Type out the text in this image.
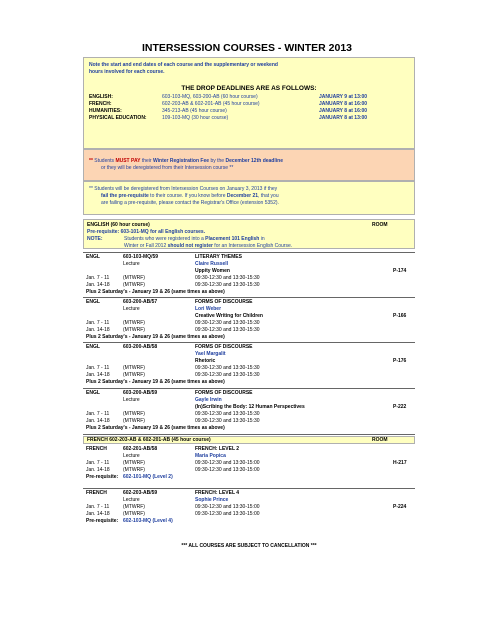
INTERSESSION COURSES - WINTER 2013
Note the start and end dates of each course and the supplementary or weekend
hours involved for each course.
THE DROP DEADLINES ARE AS FOLLOWS:
ENGLISH:	603-103-MQ, 603-200-AB (60 hour course)	JANUARY 9 at 13:00
FRENCH:	602-203-AB & 602-201-AB (45 hour course)	JANUARY 8 at 16:00
HUMANITIES:	345-213-AB (45 hour course)	JANUARY 8 at 16:00
PHYSICAL EDUCATION:	109-103-MQ (30 hour course)	JANUARY 8 at 13:00
** Students MUST PAY their Winter Registration Fee by the December 12th deadline
or they will be deregistered from their Intersession course **
** Students will be deregistered from Intersession Courses on January 3, 2013 if they
fail the pre-requisite to their course. If you know before December 21, that you
are failing a pre-requisite, please contact the Registrar's Office (extension 5352).
ENGLISH (60 hour course)	ROOM
Pre-requisite: 603-101-MQ for all English courses.
NOTE:	Students who were registered into a Placement 101 English in
Winter or Fall 2012 should not register for an Intersession English Course.
ENGL	603-103-MQ/59	LITERARY THEMES
Lecture	Claire Russell
Uppity Women	P-174
Jan. 7 - 11	(MTWRF)	09:30-12:30 and 13:30-15:30
Jan. 14-18	(MTWRF)	09:30-12:30 and 13:30-15:30
Plus 2 Saturday's - January 19 & 26 (same times as above)
ENGL	603-200-AB/57	FORMS OF DISCOURSE
Lecture	Lori Weber
Creative Writing for Children	P-166
Jan. 7 - 11	(MTWRF)	09:30-12:30 and 13:30-15:30
Jan. 14-18	(MTWRF)	09:30-12:30 and 13:30-15:30
Plus 2 Saturday's - January 19 & 26 (same times as above)
ENGL	603-200-AB/58	FORMS OF DISCOURSE
Yael Margalit
Rhetoric	P-176
Jan. 7 - 11	(MTWRF)	09:30-12:30 and 13:30-15:30
Jan. 14-18	(MTWRF)	09:30-12:30 and 13:30-15:30
Plus 2 Saturday's - January 19 & 26 (same times as above)
ENGL	603-200-AB/59	FORMS OF DISCOURSE
Lecture	Gayle Irwin
(In)Scribing the Body: 12 Human Perspectives	P-222
Jan. 7 - 11	(MTWRF)	09:30-12:30 and 13:30-15:30
Jan. 14-18	(MTWRF)	09:30-12:30 and 13:30-15:30
Plus 2 Saturday's - January 19 & 26 (same times as above)
FRENCH 602-203-AB & 602-201-AB (45 hour course)	ROOM
FRENCH	602-201-AB/58	FRENCH: LEVEL 2
Lecture	Maria Popica
H-217
Jan. 7 - 11	(MTWRF)	09:30-12:30 and 13:30-15:00
Jan. 14-18	(MTWRF)	09:30-12:30 and 13:30-15:00
Pre-requisite: 602-101-MQ (Level 2)
FRENCH	602-203-AB/59	FRENCH: LEVEL 4
Lecture	Sophie Prince
P-224
Jan. 7 - 11	(MTWRF)	09:30-12:30 and 13:30-15:00
Jan. 14-18	(MTWRF)	09:30-12:30 and 13:30-15:00
Pre-requisite: 602-103-MQ (Level 4)
*** ALL COURSES ARE SUBJECT TO CANCELLATION ***
